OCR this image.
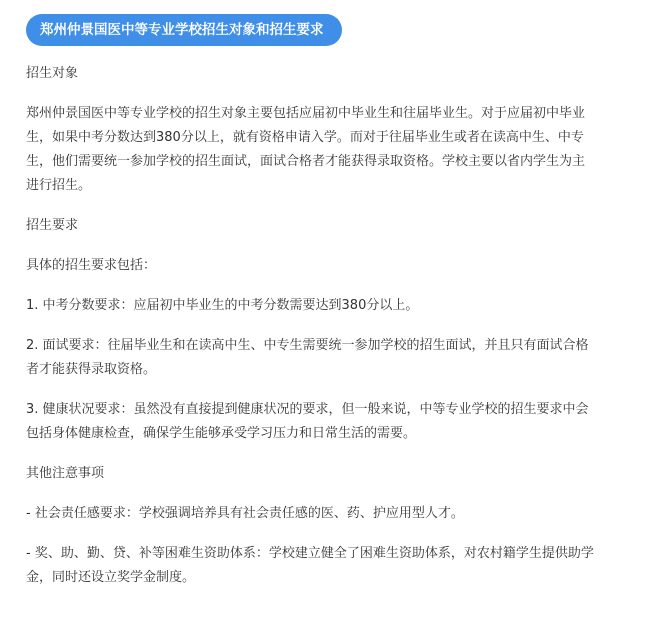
郑州仲景国医中等专业学校招生对象和招生要求

招生对象

郑州仲景国医中等专业学校的招生对象主要包括应届初中毕业生和往届毕业生。对于应届初中毕业生，如果中考分数达到380分以上，就有资格申请入学。而对于往届毕业生或者在读高中生、中专生，他们需要统一参加学校的招生面试，面试合格者才能获得录取资格。学校主要以省内学生为主进行招生。

招生要求

具体的招生要求包括：

1. 中考分数要求：应届初中毕业生的中考分数需要达到380分以上。

2. 面试要求：往届毕业生和在读高中生、中专生需要统一参加学校的招生面试，并且只有面试合格者才能获得录取资格。

3. 健康状况要求：虽然没有直接提到健康状况的要求，但一般来说，中等专业学校的招生要求中会包括身体健康检查，确保学生能够承受学习压力和日常生活的需要。

其他注意事项

- 社会责任感要求：学校强调培养具有社会责任感的医、药、护应用型人才。

- 奖、助、勤、贷、补等困难生资助体系：学校建立健全了困难生资助体系，对农村籍学生提供助学金，同时还设立奖学金制度。
